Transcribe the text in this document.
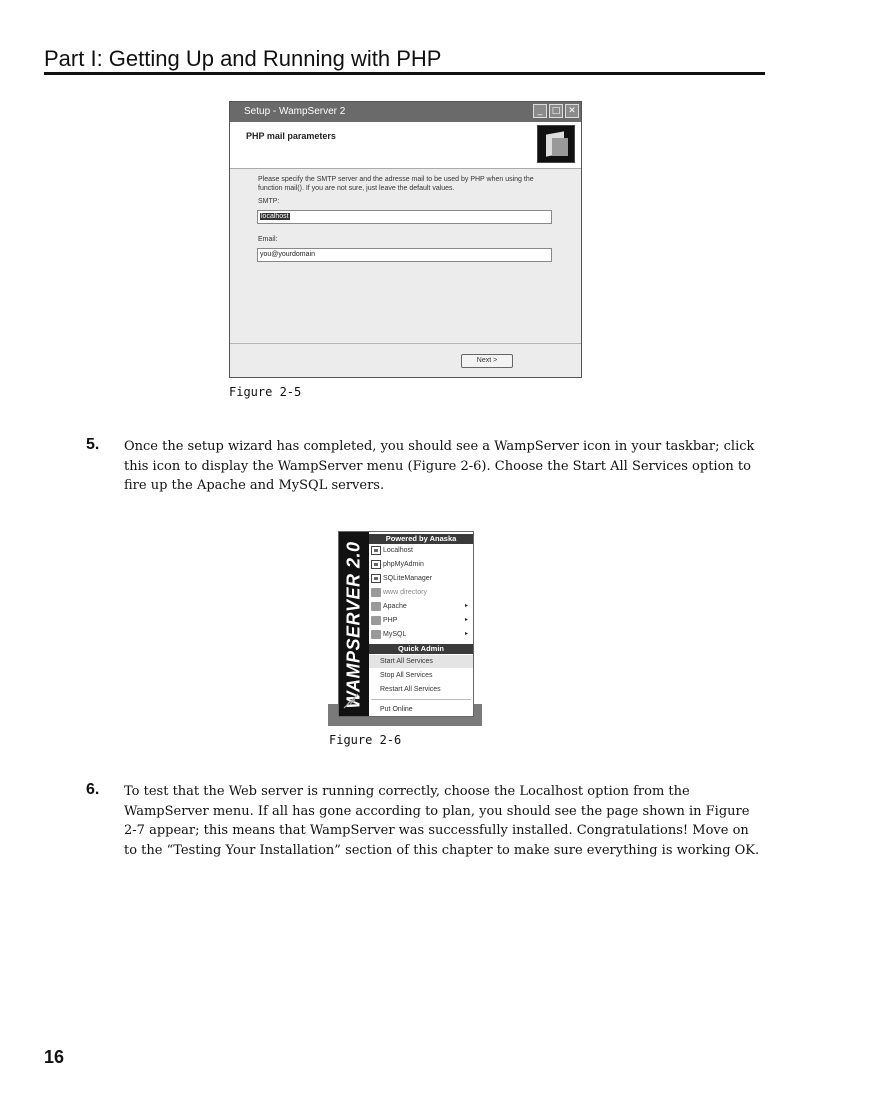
Part I: Getting Up and Running with PHP
Setup - WampServer 2	_	□ ✕
PHP mail parameters
Please specify the SMTP server and the adresse mail to be used by PHP when using the function mail(). If you are not sure, just leave the default values.
SMTP:
localhost
Email:
you@yourdomain
Next >
Figure 2-5
5. Once the setup wizard has completed, you should see a WampServer icon in your taskbar; click this icon to display the WampServer menu (Figure 2-6). Choose the Start All Services option to fire up the Apache and MySQL servers.

WAMPSERVER 2.0
Powered by Anaska
Localhost
phpMyAdmin
SQLiteManager
www directory
Apache	▸
PHP	▸
MySQL	▸
Quick Admin
Start All Services
Stop All Services
Restart All Services
Put Online
Figure 2-6
6. To test that the Web server is running correctly, choose the Localhost option from the WampServer menu. If all has gone according to plan, you should see the page shown in Figure 2-7 appear; this means that WampServer was successfully installed. Congratulations! Move on to the “Testing Your Installation” section of this chapter to make sure everything is working OK.

16
